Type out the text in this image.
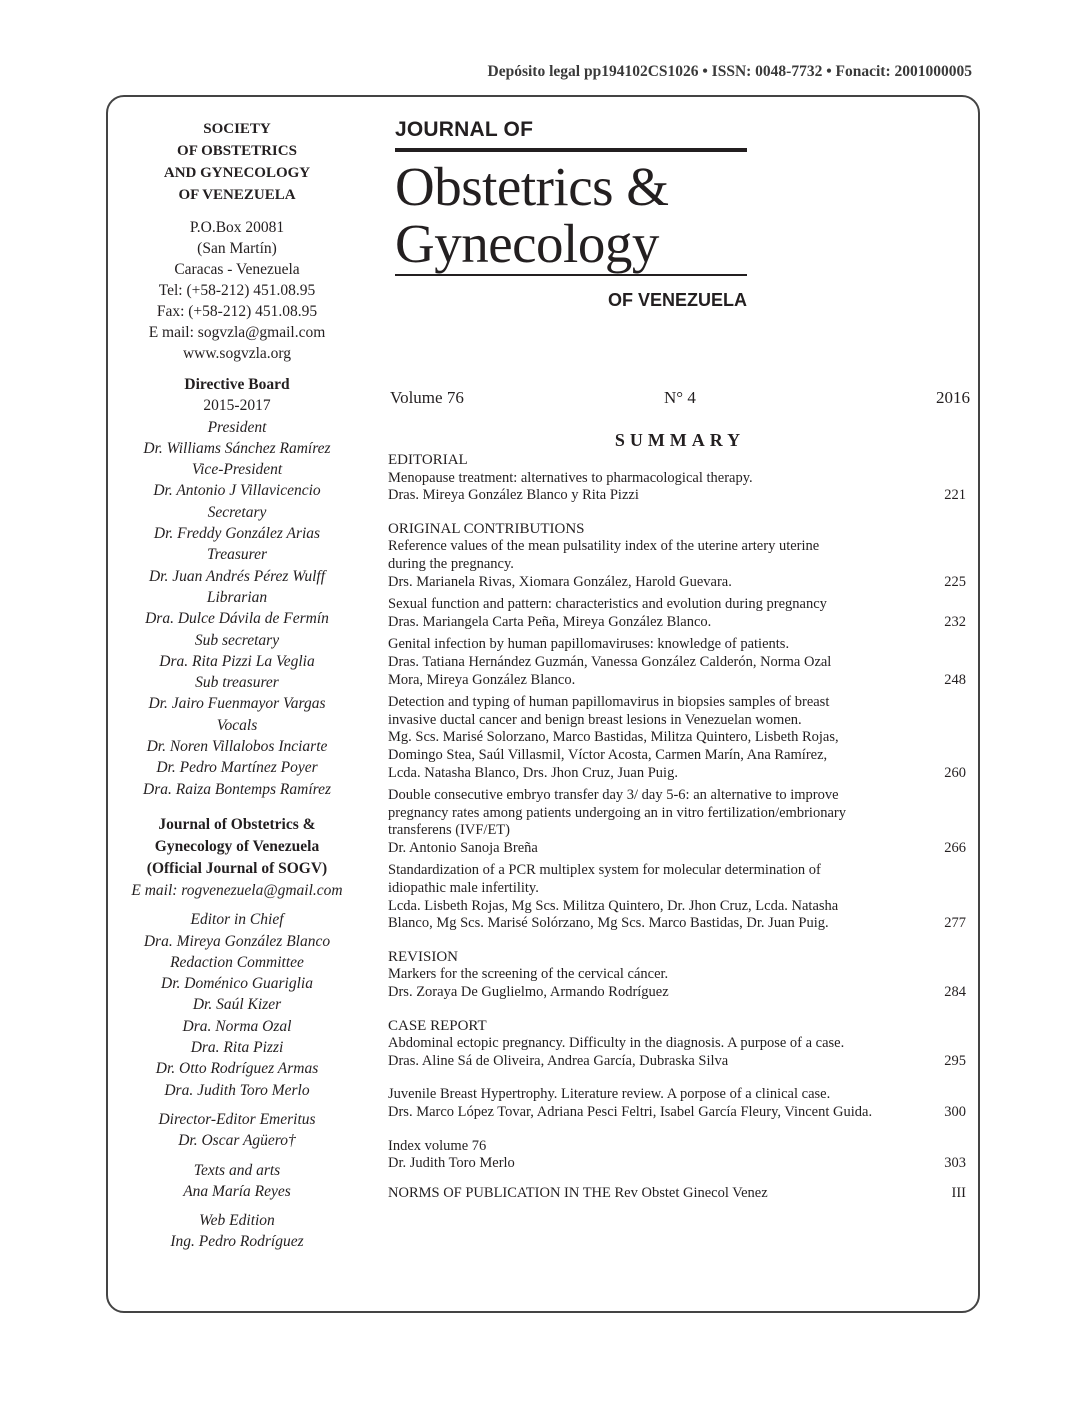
Depósito legal pp194102CS1026 • ISSN: 0048-7732 • Fonacit: 2001000005
SOCIETY
OF OBSTETRICS
AND GYNECOLOGY
OF VENEZUELA
P.O.Box 20081
(San Martín)
Caracas - Venezuela
Tel: (+58-212) 451.08.95
Fax: (+58-212) 451.08.95
E mail: sogvzla@gmail.com
www.sogvzla.org
Directive Board
2015-2017
President
Dr. Williams Sánchez Ramírez
Vice-President
Dr. Antonio J Villavicencio
Secretary
Dr. Freddy González Arias
Treasurer
Dr. Juan Andrés Pérez Wulff
Librarian
Dra. Dulce Dávila de Fermín
Sub secretary
Dra. Rita Pizzi La Veglia
Sub treasurer
Dr. Jairo Fuenmayor Vargas
Vocals
Dr. Noren Villalobos Inciarte
Dr. Pedro Martínez Poyer
Dra. Raiza Bontemps Ramírez
Journal of Obstetrics &
Gynecology of Venezuela
(Official Journal of SOGV)
E mail: rogvenezuela@gmail.com
Editor in Chief
Dra. Mireya González Blanco
Redaction Committee
Dr. Doménico Guariglia
Dr. Saúl Kizer
Dra. Norma Ozal
Dra. Rita Pizzi
Dr. Otto Rodríguez Armas
Dra. Judith Toro Merlo
Director-Editor Emeritus
Dr. Oscar Agüero†
Texts and arts
Ana María Reyes
Web Edition
Ing. Pedro Rodríguez
JOURNAL OF
Obstetrics &
Gynecology
OF VENEZUELA
Volume 76	N° 4	2016
SUMMARY
EDITORIAL
Menopause treatment: alternatives to pharmacological therapy.
Dras. Mireya González Blanco y Rita Pizzi	221
ORIGINAL CONTRIBUTIONS
Reference values of the mean pulsatility index of the uterine artery uterine
during the pregnancy.
Drs. Marianela Rivas, Xiomara González, Harold Guevara.	225
Sexual function and pattern: characteristics and evolution during pregnancy
Dras. Mariangela Carta Peña, Mireya González Blanco.	232
Genital infection by human papillomaviruses: knowledge of patients.
Dras. Tatiana Hernández Guzmán, Vanessa González Calderón, Norma Ozal
Mora, Mireya González Blanco.	248
Detection and typing of human papillomavirus in biopsies samples of breast
invasive ductal cancer and benign breast lesions in Venezuelan women.
Mg. Scs. Marisé Solorzano, Marco Bastidas, Militza Quintero, Lisbeth Rojas,
Domingo Stea, Saúl Villasmil, Víctor Acosta, Carmen Marín, Ana Ramírez,
Lcda. Natasha Blanco, Drs. Jhon Cruz, Juan Puig.	260
Double consecutive embryo transfer day 3/ day 5-6: an alternative to improve
pregnancy rates among patients undergoing an in vitro fertilization/embrionary
transferens (IVF/ET)
Dr. Antonio Sanoja Breña	266
Standardization of a PCR multiplex system for molecular determination of
idiopathic male infertility.
Lcda. Lisbeth Rojas, Mg Scs. Militza Quintero, Dr. Jhon Cruz, Lcda. Natasha
Blanco, Mg Scs. Marisé Solórzano, Mg Scs. Marco Bastidas, Dr. Juan Puig.	277
REVISION
Markers for the screening of the cervical cáncer.
Drs. Zoraya De Guglielmo, Armando Rodríguez	284
CASE REPORT
Abdominal ectopic pregnancy. Difficulty in the diagnosis. A purpose of a case.
Dras. Aline Sá de Oliveira, Andrea García, Dubraska Silva	295
Juvenile Breast Hypertrophy. Literature review. A porpose of a clinical case.
Drs. Marco López Tovar, Adriana Pesci Feltri, Isabel García Fleury, Vincent Guida.	300
Index volume 76
Dr. Judith Toro Merlo	303
NORMS OF PUBLICATION IN THE Rev Obstet Ginecol Venez	III
